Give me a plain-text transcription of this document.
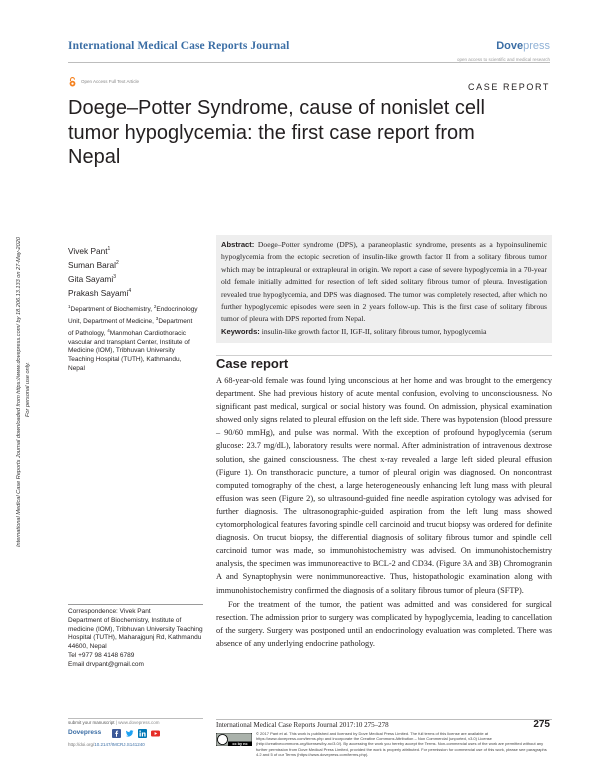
International Medical Case Reports Journal	Dovepress
open access to scientific and medical research
Open Access Full Text Article
CASE REPORT
Doege–Potter Syndrome, cause of nonislet cell tumor hypoglycemia: the first case report from Nepal
International Medical Case Reports Journal downloaded from https://www.dovepress.com/ by 18.206.13.133 on 27-May-2020 For personal use only.
Vivek Pant$^1$
Suman Baral$^2$
Gita Sayami$^3$
Prakash Sayami$^4$
$^1$Department of Biochemistry, $^2$Endocrinology Unit, Department of Medicine, $^3$Department of Pathology, $^4$Manmohan Cardiothoracic vascular and transplant Center, Institute of Medicine (IOM), Tribhuvan University Teaching Hospital (TUTH), Kathmandu, Nepal
Abstract: Doege–Potter syndrome (DPS), a paraneoplastic syndrome, presents as a hypoinsulinemic hypoglycemia from the ectopic secretion of insulin-like growth factor II from a solitary fibrous tumor which may be intrapleural or extrapleural in origin. We report a case of severe hypoglycemia in a 70-year old female initially admitted for resection of left sided solitary fibrous tumor of pleura. Investigation revealed true hypoglycemia, and DPS was diagnosed. The tumor was completely resected, after which no further hypoglycemic episodes were seen in 2 years follow-up. This is the first case of solitary fibrous tumor of pleura with DPS reported from Nepal.
Keywords: insulin-like growth factor II, IGF-II, solitary fibrous tumor, hypoglycemia
Case report

A 68-year-old female was found lying unconscious at her home and was brought to the emergency department. She had previous history of acute mental confusion, evolving to unconsciousness. No significant past medical, surgical or social history was found. On admission, physical examination showed only signs related to pleural effusion on the left side. There was hypotension (blood pressure – 90/60 mmHg), and pulse was normal. With the exception of profound hypoglycemia (serum glucose: 23.7 mg/dL), laboratory results were normal. After administration of intravenous dextrose solution, she gained consciousness. The chest x-ray revealed a large left sided pleural effusion (Figure 1). On transthoracic puncture, a tumor of pleural origin was diagnosed. On noncontrast computed tomography of the chest, a large heterogeneously enhancing left lung mass with pleural effusion was seen (Figure 2), so ultrasound-guided fine needle aspiration cytology was advised for further diagnosis. The ultrasonographic-guided aspiration from the left lung mass showed cytomorphological features favoring spindle cell carcinoid and trucut biopsy was ordered for definite diagnosis. On trucut biopsy, the differential diagnosis of solitary fibrous tumor and spindle cell carcinoid tumor was made, so immunohistochemistry was advised. On immunohistochemistry analysis, the specimen was immunoreactive to BCL-2 and CD34. (Figure 3A and 3B) Chromogranin A and Synaptophysin were nonimmunoreactive. Thus, histopathologic examination along with immunohistochemistry confirmed the diagnosis of a solitary fibrous tumor of pleura (SFTP).

For the treatment of the tumor, the patient was admitted and was considered for surgical resection. The admission prior to surgery was complicated by hypoglycemia, leading to cancellation of the surgery. Surgery was postponed until an endocrinology evaluation was completed. There was absence of any underlying endocrine pathology.

Correspondence: Vivek Pant
Department of Biochemistry, Institute of medicine (IOM), Tribhuvan University Teaching Hospital (TUTH), Maharajgunj Rd, Kathmandu 44600, Nepal
Tel +977 98 4148 6789
Email drvpant@gmail.com
submit your manuscript | www.dovepress.com
Dovepress
http://doi.org/10.2147/IMCRJ.S141240
International Medical Case Reports Journal 2017:10 275–278	275
cc by nc
© 2017 Pant et al. This work is published and licensed by Dove Medical Press Limited. The full terms of this license are available at https://www.dovepress.com/terms.php and incorporate the Creative Commons Attribution – Non Commercial (unported, v3.0) License (http://creativecommons.org/licenses/by-nc/3.0/). By accessing the work you hereby accept the Terms. Non-commercial uses of the work are permitted without any further permission from Dove Medical Press Limited, provided the work is properly attributed. For permission for commercial use of this work, please see paragraphs 4.2 and 5 of our Terms (https://www.dovepress.com/terms.php).
